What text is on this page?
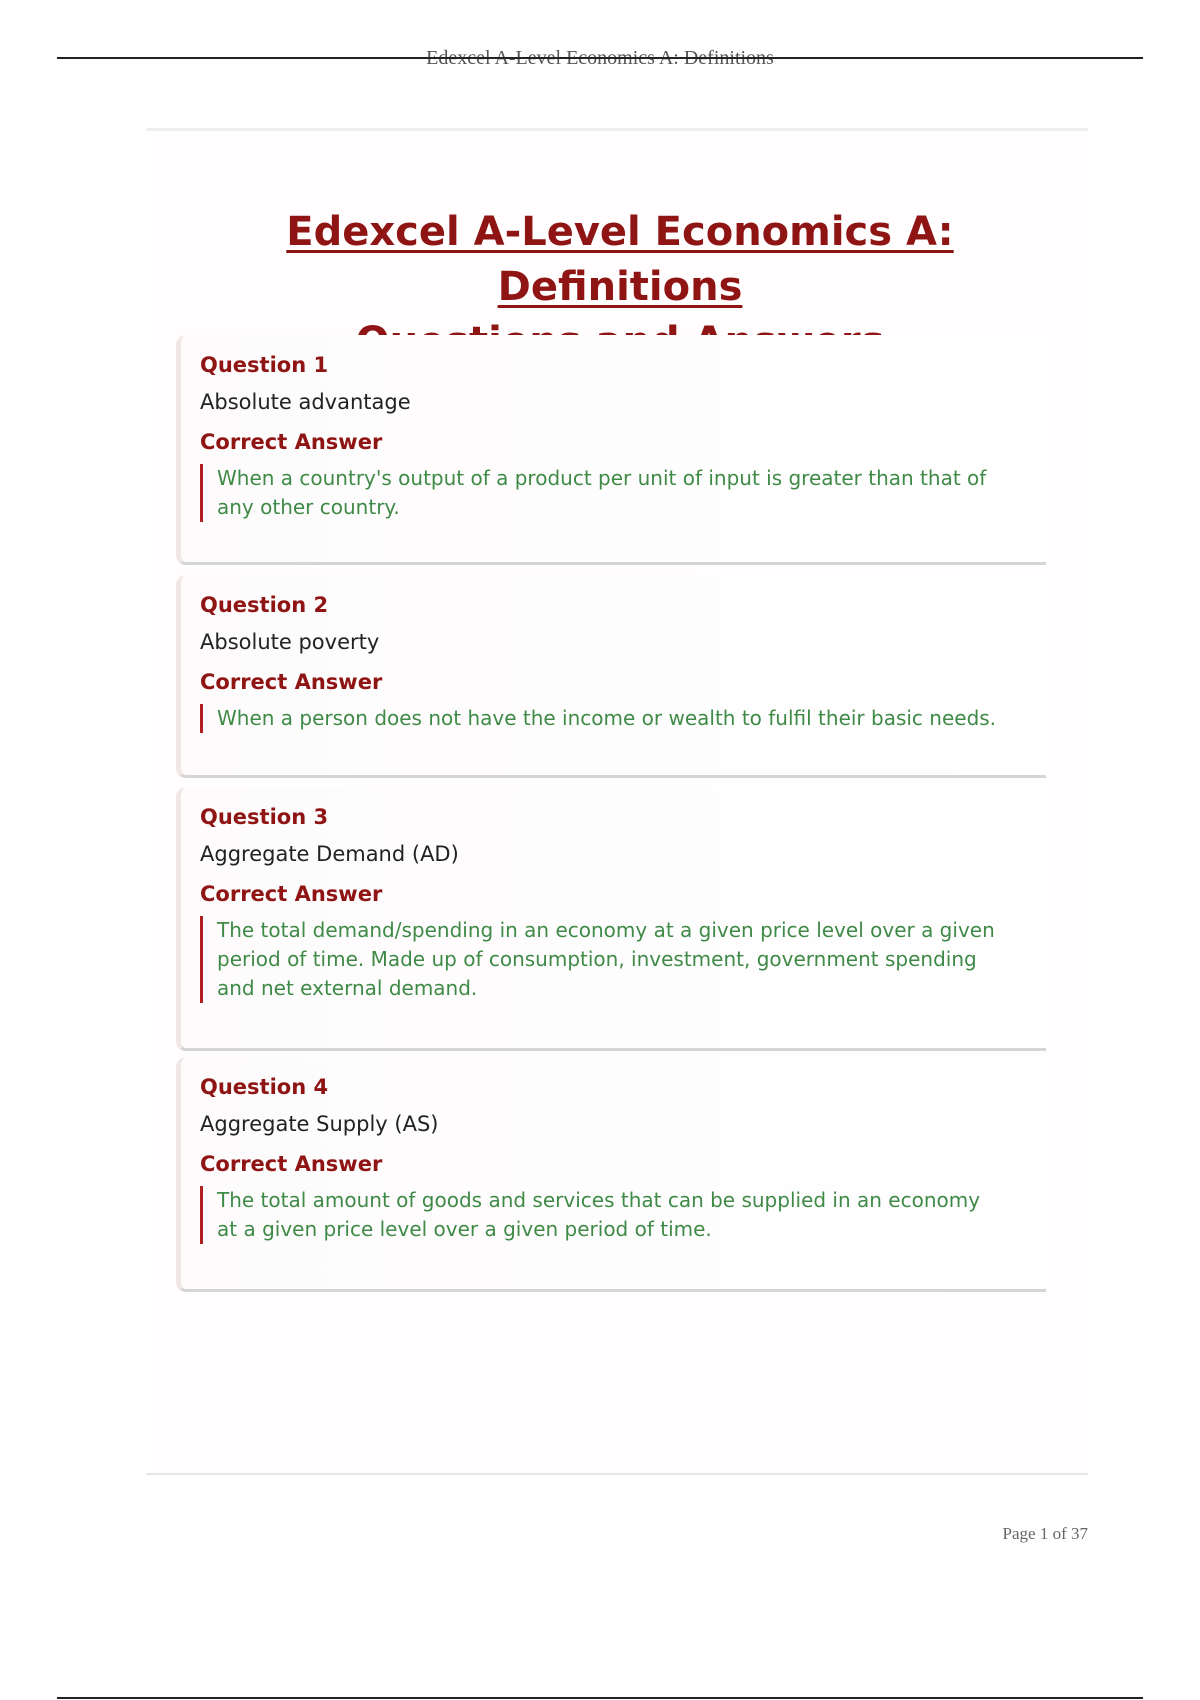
Edexcel A-Level Economics A: Definitions
Edexcel A-Level Economics A: Definitions

Question 1
Absolute advantage
Correct Answer
When a country's output of a product per unit of input is greater than that of any other country.
Question 2
Absolute poverty
Correct Answer
When a person does not have the income or wealth to fulfil their basic needs.
Question 3
Aggregate Demand (AD)
Correct Answer
The total demand/spending in an economy at a given price level over a given period of time. Made up of consumption, investment, government spending and net external demand.
Question 4
Aggregate Supply (AS)
Correct Answer
The total amount of goods and services that can be supplied in an economy at a given price level over a given period of time.
Page 1 of 37
